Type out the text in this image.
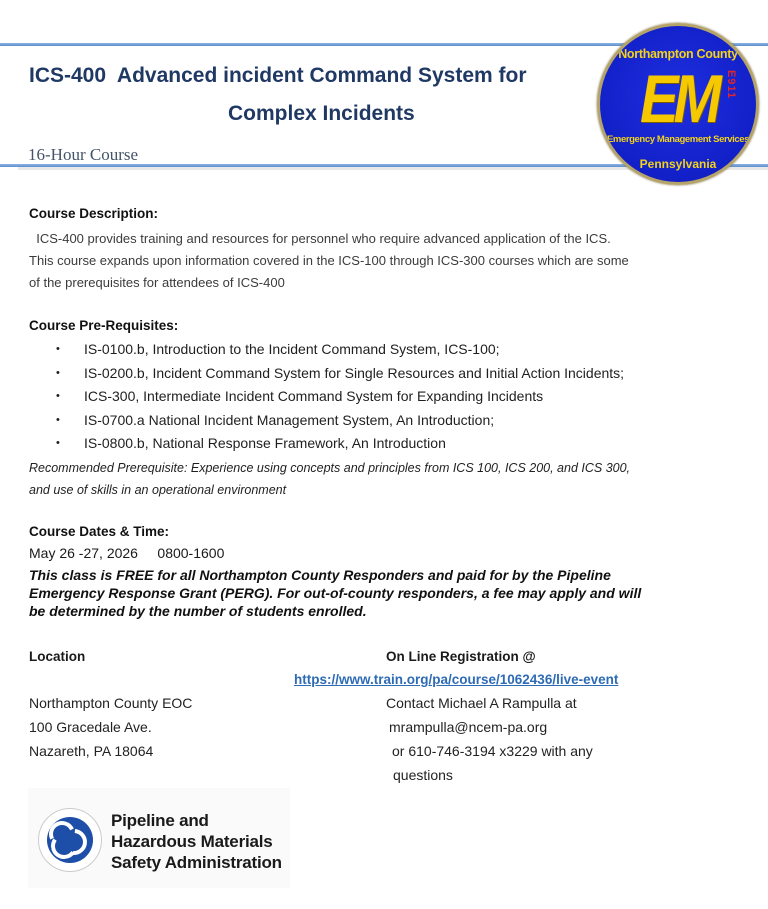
ICS-400  Advanced incident Command System for
Complex Incidents
16-Hour Course
Northampton County
EM E911
Emergency Management Services
Pennsylvania
Course Description:
ICS-400 provides training and resources for personnel who require advanced application of the ICS.
This course expands upon information covered in the ICS-100 through ICS-300 courses which are some
of the prerequisites for attendees of ICS-400
Course Pre-Requisites:
• IS-0100.b, Introduction to the Incident Command System, ICS-100;
• IS-0200.b, Incident Command System for Single Resources and Initial Action Incidents;
• ICS-300, Intermediate Incident Command System for Expanding Incidents
• IS-0700.a National Incident Management System, An Introduction;
• IS-0800.b, National Response Framework, An Introduction
Recommended Prerequisite: Experience using concepts and principles from ICS 100, ICS 200, and ICS 300,
and use of skills in an operational environment
Course Dates & Time:
May 26 -27, 2026     0800-1600
This class is FREE for all Northampton County Responders and paid for by the Pipeline
Emergency Response Grant (PERG). For out-of-county responders, a fee may apply and will
be determined by the number of students enrolled.
Location	On Line Registration @
https://www.train.org/pa/course/1062436/live-event
Northampton County EOC
100 Gracedale Ave.
Nazareth, PA 18064
Contact Michael A Rampulla at
mrampulla@ncem-pa.org
or 610-746-3194 x3229 with any
questions
Pipeline and
Hazardous Materials
Safety Administration
